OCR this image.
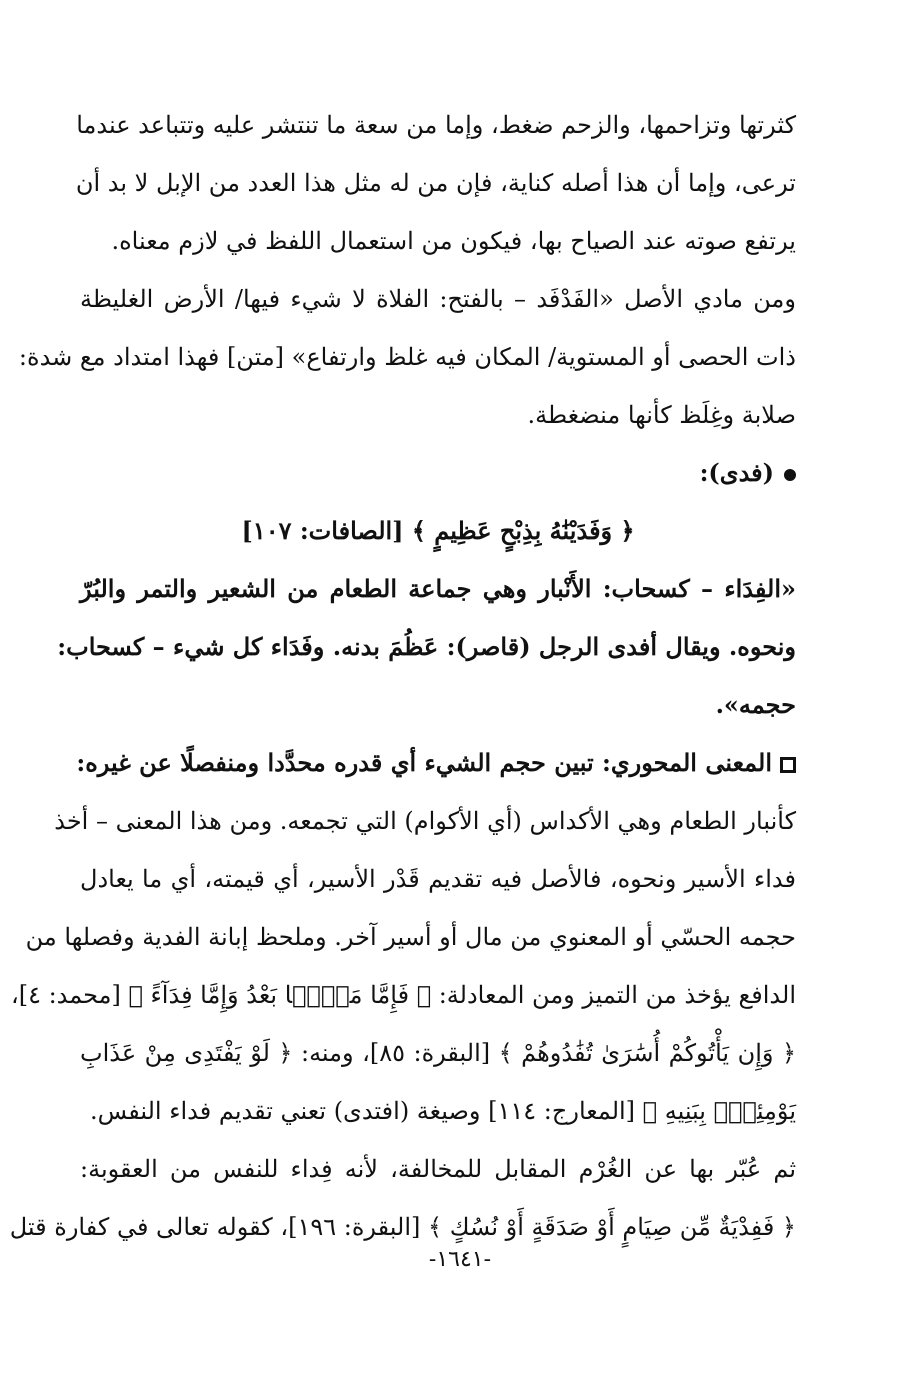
كثرتها وتزاحمها، والزحم ضغط، وإما من سعة ما تنتشر عليه وتتباعد عندما
ترعى، وإما أن هذا أصله كناية، فإن من له مثل هذا العدد من الإبل لا بد أن
يرتفع صوته عند الصياح بها، فيكون من استعمال اللفظ في لازم معناه.
ومن مادي الأصل «الفَدْفَد – بالفتح: الفلاة لا شيء فيها/ الأرض الغليظة
ذات الحصى أو المستوية/ المكان فيه غلظ وارتفاع» [متن] فهذا امتداد مع شدة:
صلابة وغِلَظ كأنها منضغطة.
(فدى):
﴿ وَفَدَيْنَٰهُ بِذِبْحٍ عَظِيمٍ ﴾ [الصافات: ١٠٧]
«الفِدَاء – كسحاب: الأَنْبار وهي جماعة الطعام من الشعير والتمر والبُرّ
ونحوه. ويقال أفدى الرجل (قاصر): عَظُمَ بدنه. وفَدَاء كل شيء – كسحاب:
حجمه».
المعنى المحوري: تبين حجم الشيء أي قدره محدَّدا ومنفصلًا عن غيره:
كأنبار الطعام وهي الأكداس (أي الأكوام) التي تجمعه. ومن هذا المعنى – أخذ
فداء الأسير ونحوه، فالأصل فيه تقديم قَدْر الأسير، أي قيمته، أي ما يعادل
حجمه الحسّي أو المعنوي من مال أو أسير آخر. وملحظ إبانة الفدية وفصلها من
الدافع يؤخذ من التميز ومن المعادلة: ﴿ فَإِمَّا مَنًّۢا بَعْدُ وَإِمَّا فِدَآءً ﴾ [محمد: ٤]،
﴿ وَإِن يَأْتُوكُمْ أُسَٰرَىٰ تُفَٰدُوهُمْ ﴾ [البقرة: ٨٥]، ومنه: ﴿ لَوْ يَفْتَدِى مِنْ عَذَابِ
يَوْمِئِذٍۭ بِبَنِيهِ ﴾ [المعارج: ١١٤] وصيغة (افتدى) تعني تقديم فداء النفس.
ثم عُبّر بها عن الغُرْم المقابل للمخالفة، لأنه فِداء للنفس من العقوبة:
﴿ فَفِدْيَةٌ مِّن صِيَامٍ أَوْ صَدَقَةٍ أَوْ نُسُكٍ ﴾ [البقرة: ١٩٦]، كقوله تعالى في كفارة قتل
-١٦٤١-
